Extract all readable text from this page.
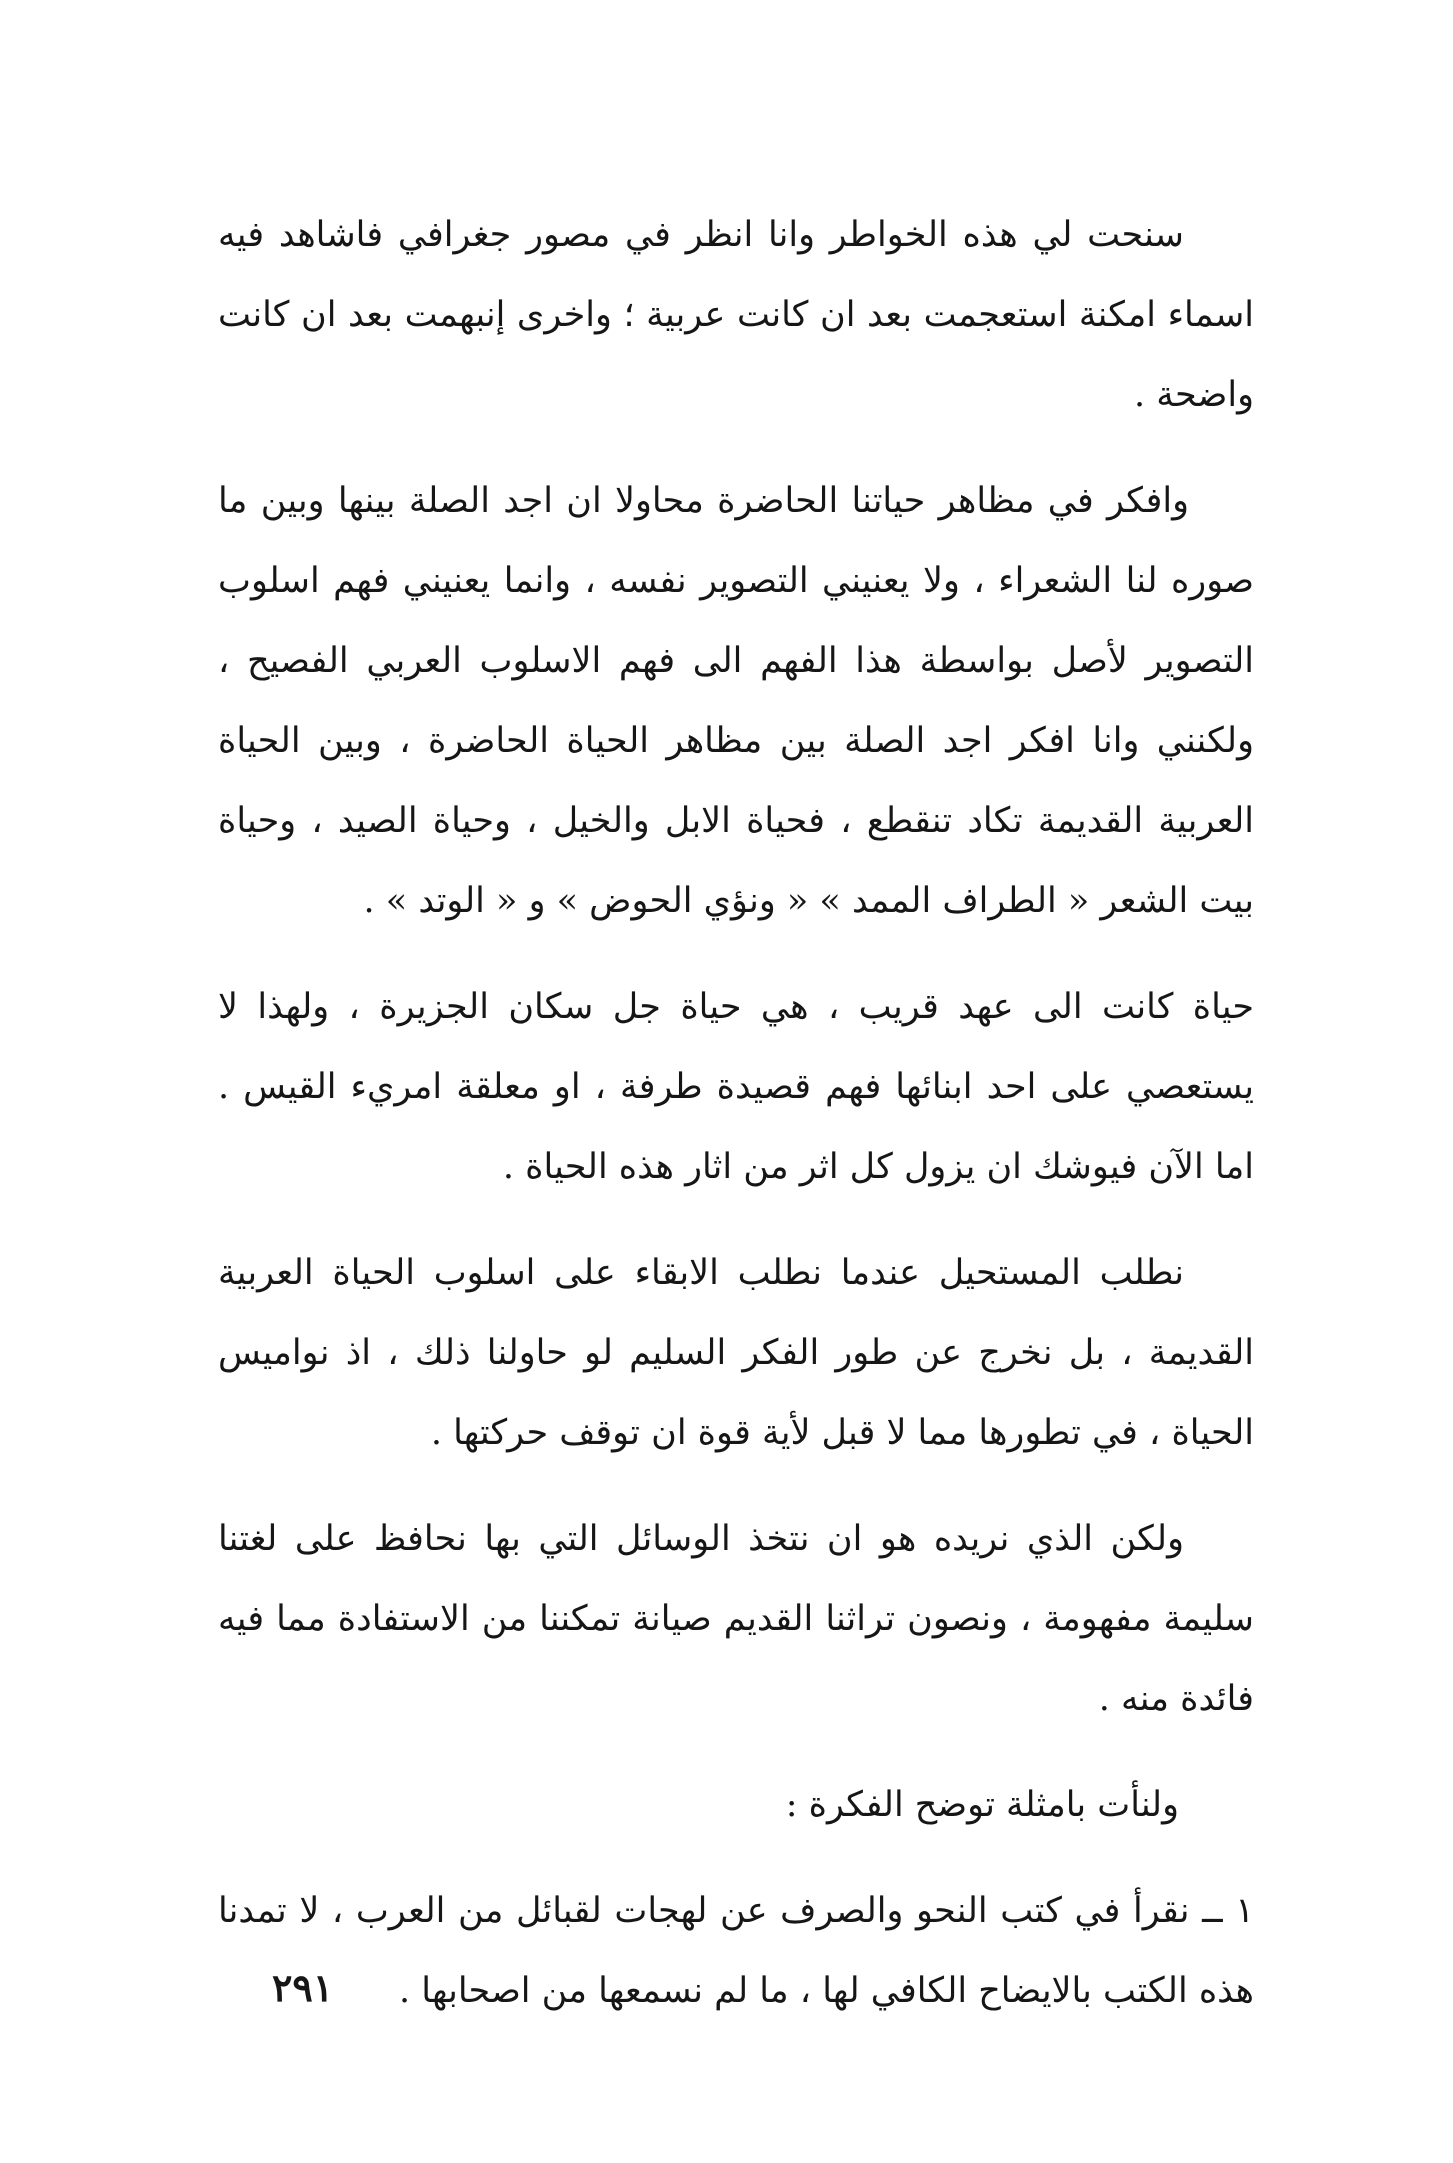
سنحت لي هذه الخواطر وانا انظر في مصور جغرافي فاشاهد فيه اسماء امكنة استعجمت بعد ان كانت عربية ؛ واخرى إنبهمت بعد ان كانت واضحة .

وافكر في مظاهر حياتنا الحاضرة محاولا ان اجد الصلة بينها وبين ما صوره لنا الشعراء ، ولا يعنيني التصوير نفسه ، وانما يعنيني فهم اسلوب التصوير لأصل بواسطة هذا الفهم الى فهم الاسلوب العربي الفصيح ، ولكنني وانا افكر اجد الصلة بين مظاهر الحياة الحاضرة ، وبين الحياة العربية القديمة تكاد تنقطع ، فحياة الابل والخيل ، وحياة الصيد ، وحياة بيت الشعر « الطراف الممد » « ونؤي الحوض » و « الوتد » .

حياة كانت الى عهد قريب ، هي حياة جل سكان الجزيرة ، ولهذا لا يستعصي على احد ابنائها فهم قصيدة طرفة ، او معلقة امريء القيس . اما الآن فيوشك ان يزول كل اثر من اثار هذه الحياة .

نطلب المستحيل عندما نطلب الابقاء على اسلوب الحياة العربية القديمة ، بل نخرج عن طور الفكر السليم لو حاولنا ذلك ، اذ نواميس الحياة ، في تطورها مما لا قبل لأية قوة ان توقف حركتها .

ولكن الذي نريده هو ان نتخذ الوسائل التي بها نحافظ على لغتنا سليمة مفهومة ، ونصون تراثنا القديم صيانة تمكننا من الاستفادة مما فيه فائدة منه .

ولنأت بامثلة توضح الفكرة :

١ ــ نقرأ في كتب النحو والصرف عن لهجات لقبائل من العرب ، لا تمدنا هذه الكتب بالايضاح الكافي لها ، ما لم نسمعها من اصحابها .

٢٩١
